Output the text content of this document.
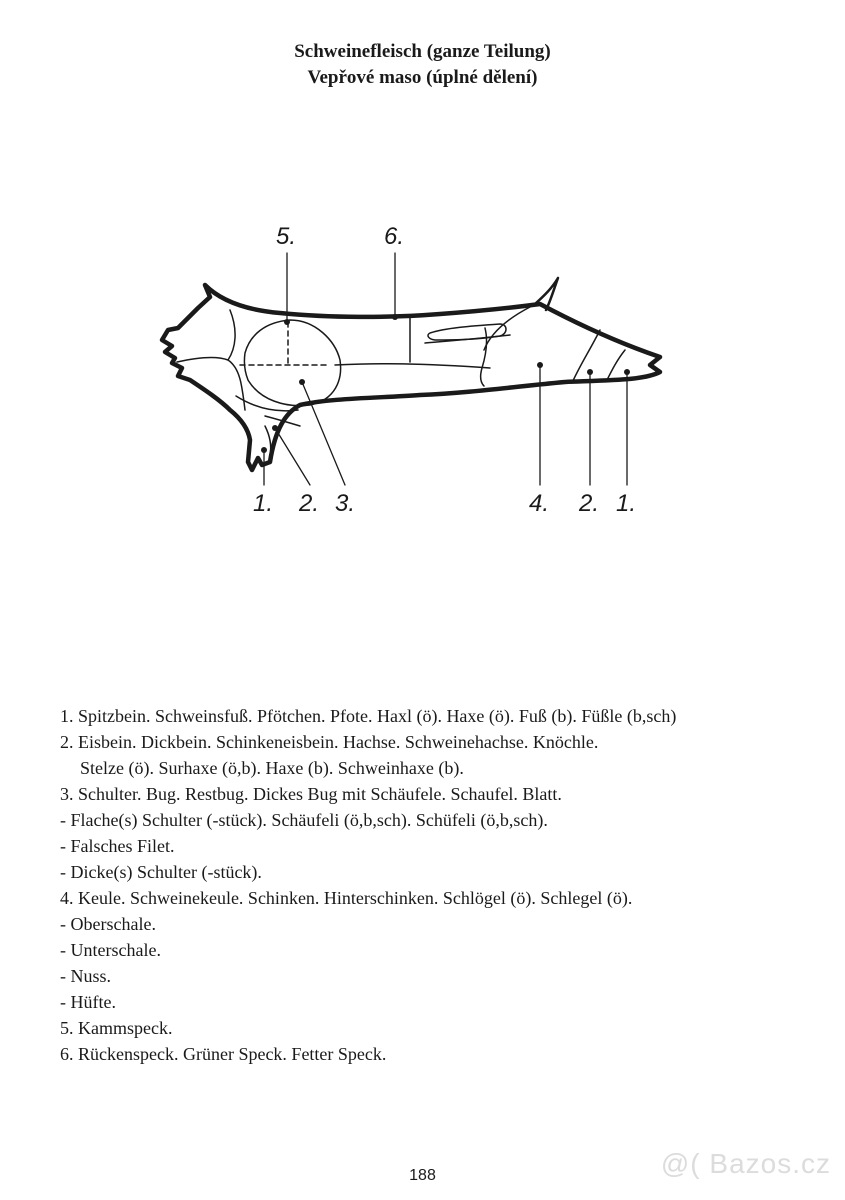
Schweinefleisch (ganze Teilung)
Vepřové maso (úplné dělení)
5.	6.
1. 2. 3.	4. 2. 1.
1. Spitzbein. Schweinsfuß. Pfötchen. Pfote. Haxl (ö). Haxe (ö). Fuß (b). Füßle (b,sch)
2. Eisbein. Dickbein. Schinkeneisbein. Hachse. Schweinehachse. Knöchle.
Stelze (ö). Surhaxe (ö,b). Haxe (b). Schweinhaxe (b).
3. Schulter. Bug. Restbug. Dickes Bug mit Schäufele. Schaufel. Blatt.
- Flache(s) Schulter (-stück). Schäufeli (ö,b,sch). Schüfeli (ö,b,sch).
- Falsches Filet.
- Dicke(s) Schulter (-stück).
4. Keule. Schweinekeule. Schinken. Hinterschinken. Schlögel (ö). Schlegel (ö).
- Oberschale.
- Unterschale.
- Nuss.
- Hüfte.
5. Kammspeck.
6. Rückenspeck. Grüner Speck. Fetter Speck.
188	@( Bazos.cz
